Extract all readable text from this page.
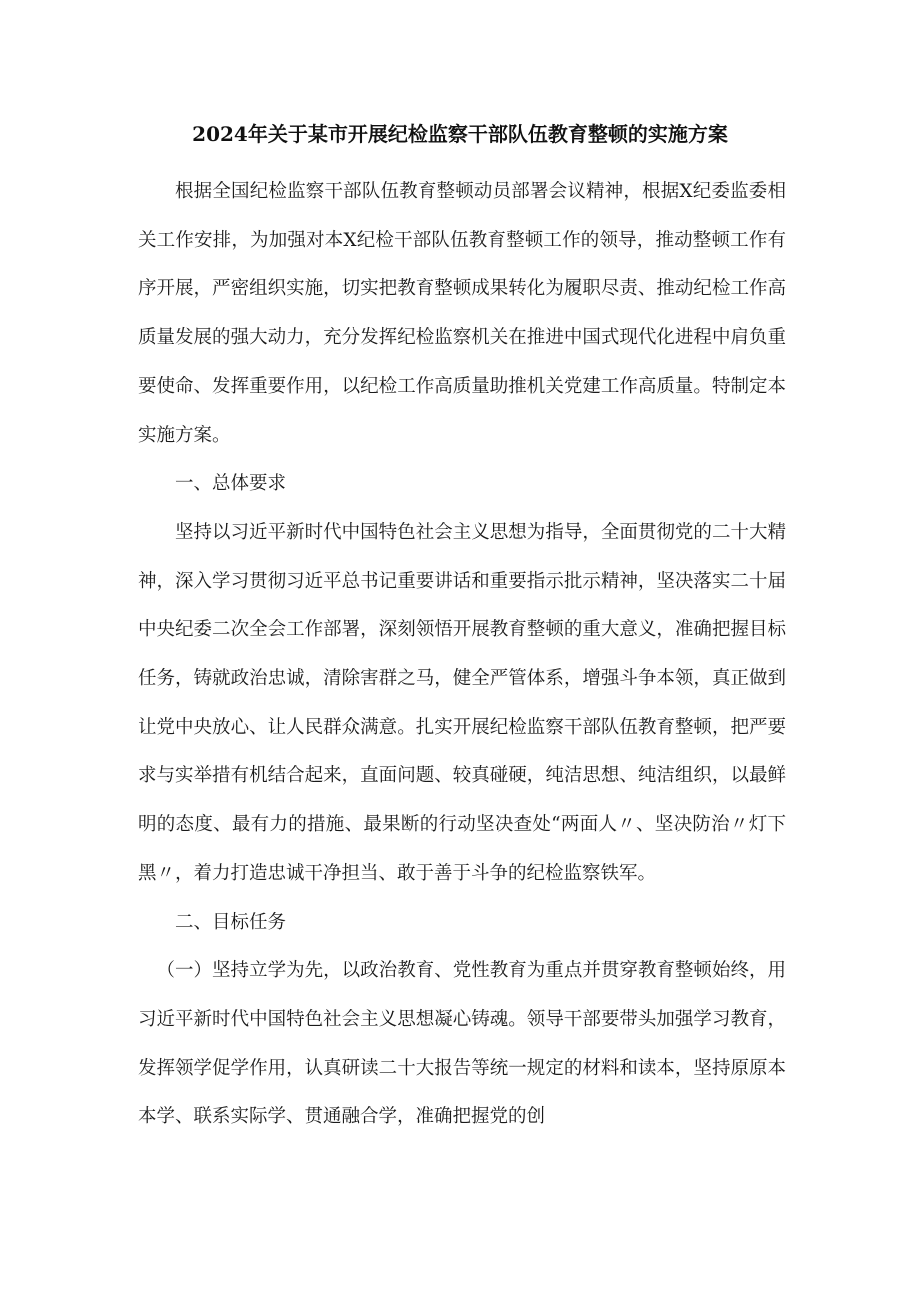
2024年关于某市开展纪检监察干部队伍教育整顿的实施方案

根据全国纪检监察干部队伍教育整顿动员部署会议精神，根据X纪委监委相关工作安排，为加强对本X纪检干部队伍教育整顿工作的领导，推动整顿工作有序开展，严密组织实施，切实把教育整顿成果转化为履职尽责、推动纪检工作高质量发展的强大动力，充分发挥纪检监察机关在推进中国式现代化进程中肩负重要使命、发挥重要作用，以纪检工作高质量助推机关党建工作高质量。特制定本实施方案。

一、总体要求

坚持以习近平新时代中国特色社会主义思想为指导，全面贯彻党的二十大精神，深入学习贯彻习近平总书记重要讲话和重要指示批示精神，坚决落实二十届中央纪委二次全会工作部署，深刻领悟开展教育整顿的重大意义，准确把握目标任务，铸就政治忠诚，清除害群之马，健全严管体系，增强斗争本领，真正做到让党中央放心、让人民群众满意。扎实开展纪检监察干部队伍教育整顿，把严要求与实举措有机结合起来，直面问题、较真碰硬，纯洁思想、纯洁组织，以最鲜明的态度、最有力的措施、最果断的行动坚决查处“两面人〃、坚决防治〃灯下黑〃，着力打造忠诚干净担当、敢于善于斗争的纪检监察铁军。

二、目标任务

（一）坚持立学为先，以政治教育、党性教育为重点并贯穿教育整顿始终，用习近平新时代中国特色社会主义思想凝心铸魂。领导干部要带头加强学习教育，发挥领学促学作用，认真研读二十大报告等统一规定的材料和读本，坚持原原本本学、联系实际学、贯通融合学，准确把握党的创
